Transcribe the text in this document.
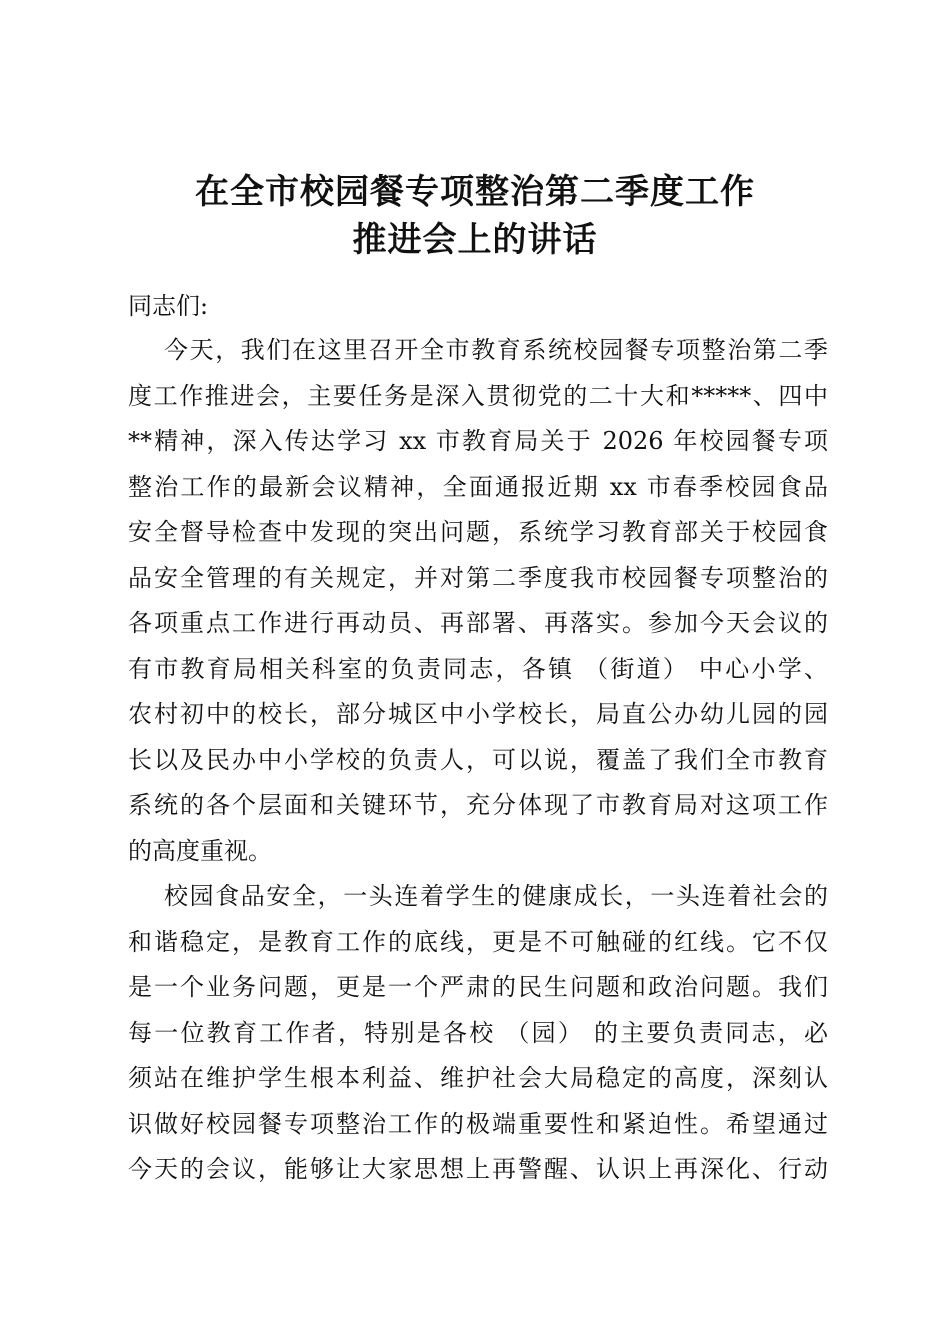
在全市校园餐专项整治第二季度工作
推进会上的讲话
同志们:
今天，我们在这里召开全市教育系统校园餐专项整治第二季
度工作推进会，主要任务是深入贯彻党的二十大和*****、四中
**精神，深入传达学习 xx 市教育局关于 2026 年校园餐专项
整治工作的最新会议精神，全面通报近期 xx 市春季校园食品
安全督导检查中发现的突出问题，系统学习教育部关于校园食
品安全管理的有关规定，并对第二季度我市校园餐专项整治的
各项重点工作进行再动员、再部署、再落实。参加今天会议的
有市教育局相关科室的负责同志，各镇 （街道） 中心小学、
农村初中的校长，部分城区中小学校长，局直公办幼儿园的园
长以及民办中小学校的负责人，可以说，覆盖了我们全市教育
系统的各个层面和关键环节，充分体现了市教育局对这项工作
的高度重视。
校园食品安全，一头连着学生的健康成长，一头连着社会的
和谐稳定，是教育工作的底线，更是不可触碰的红线。它不仅
是一个业务问题，更是一个严肃的民生问题和政治问题。我们
每一位教育工作者，特别是各校 （园） 的主要负责同志，必
须站在维护学生根本利益、维护社会大局稳定的高度，深刻认
识做好校园餐专项整治工作的极端重要性和紧迫性。希望通过
今天的会议，能够让大家思想上再警醒、认识上再深化、行动
